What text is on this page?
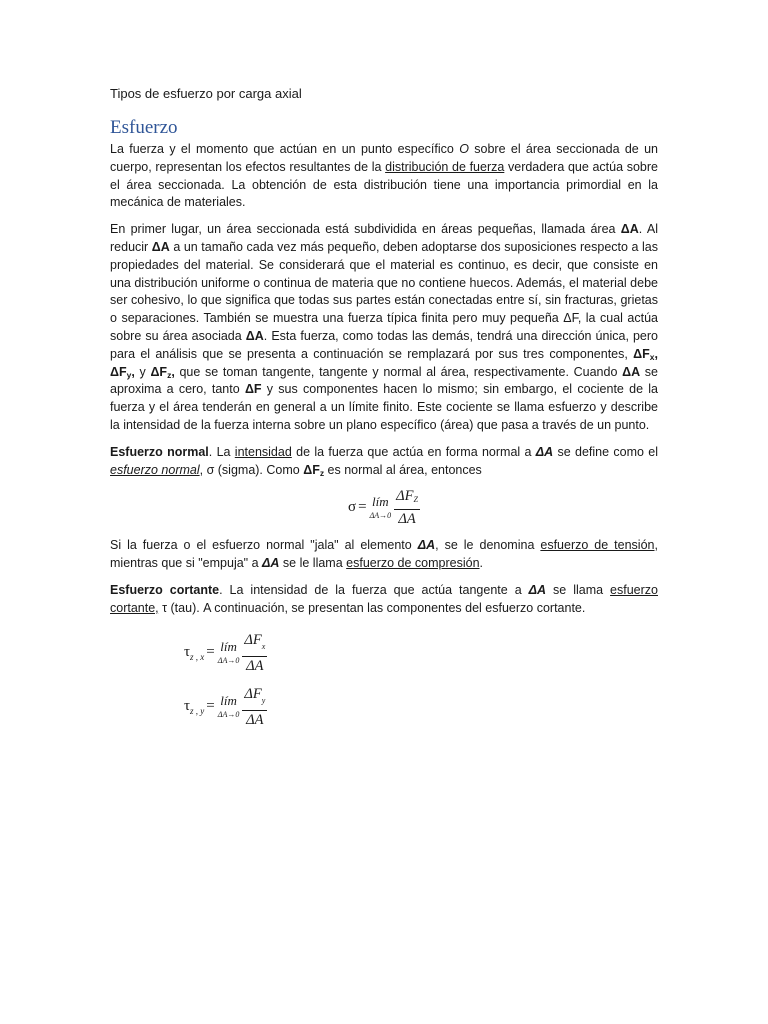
Tipos de esfuerzo por carga axial
Esfuerzo

La fuerza y el momento que actúan en un punto específico O sobre el área seccionada de un cuerpo, representan los efectos resultantes de la distribución de fuerza verdadera que actúa sobre el área seccionada. La obtención de esta distribución tiene una importancia primordial en la mecánica de materiales.

En primer lugar, un área seccionada está subdividida en áreas pequeñas, llamada área ΔA. Al reducir ΔA a un tamaño cada vez más pequeño, deben adoptarse dos suposiciones respecto a las propiedades del material. Se considerará que el material es continuo, es decir, que consiste en una distribución uniforme o continua de materia que no contiene huecos. Además, el material debe ser cohesivo, lo que significa que todas sus partes están conectadas entre sí, sin fracturas, grietas o separaciones. También se muestra una fuerza típica finita pero muy pequeña ΔF, la cual actúa sobre su área asociada ΔA. Esta fuerza, como todas las demás, tendrá una dirección única, pero para el análisis que se presenta a continuación se remplazará por sus tres componentes, $\Delta F_x$, $\Delta F_y$, y $\Delta F_z$, que se toman tangente, tangente y normal al área, respectivamente. Cuando ΔA se aproxima a cero, tanto ΔF y sus componentes hacen lo mismo; sin embargo, el cociente de la fuerza y el área tenderán en general a un límite finito. Este cociente se llama esfuerzo y describe la intensidad de la fuerza interna sobre un plano específico (área) que pasa a través de un punto.

Esfuerzo normal. La intensidad de la fuerza que actúa en forma normal a ΔA se define como el esfuerzo normal, σ (sigma). Como $\Delta F_z$ es normal al área, entonces

σ = lím
$\Delta A\to 0 \frac{\Delta F_Z}{\Delta A}$

Si la fuerza o el esfuerzo normal "jala" al elemento ΔA, se le denomina esfuerzo de tensión, mientras que si "empuja" a ΔA se le llama esfuerzo de compresión.

Esfuerzo cortante. La intensidad de la fuerza que actúa tangente a ΔA se llama esfuerzo cortante, τ (tau). A continuación, se presentan las componentes del esfuerzo cortante.

$\tau_{z , x}$ = lím
$\Delta A\to 0 \frac{\Delta F^x}{\Delta A}$
$\tau_{z , y}$ = lím
$\Delta A\to 0 \frac{\Delta F^y}{\Delta A}$
